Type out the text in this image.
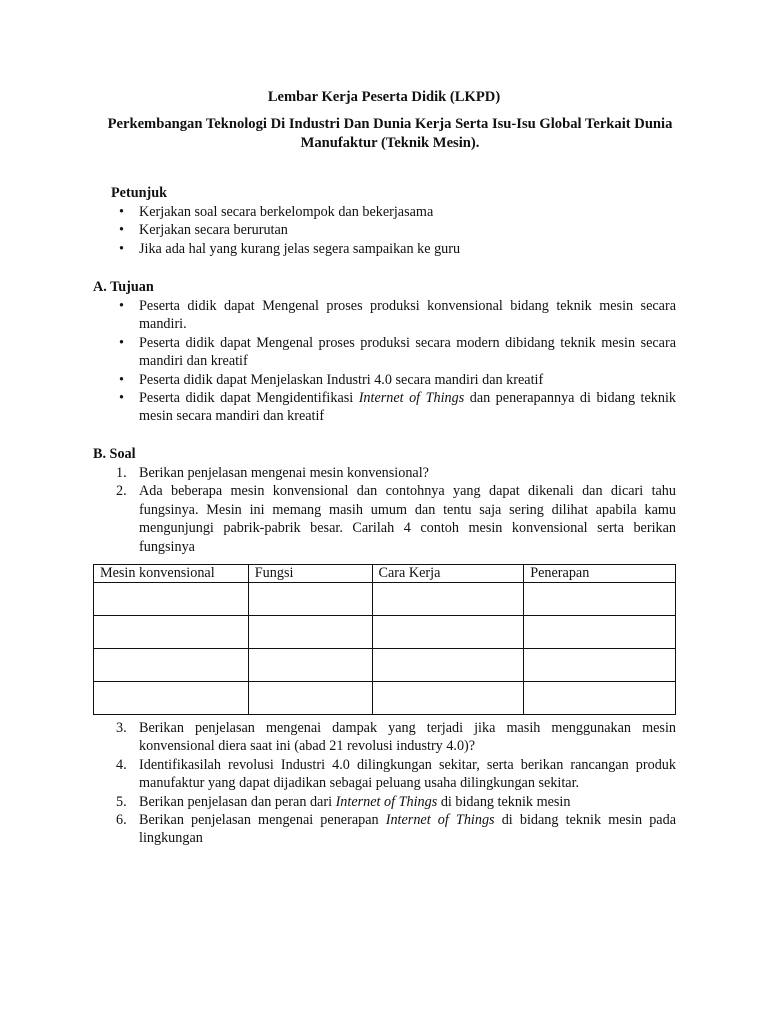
Lembar Kerja Peserta Didik (LKPD)
Perkembangan Teknologi Di Industri Dan Dunia Kerja Serta Isu-Isu Global Terkait Dunia Manufaktur (Teknik Mesin).
Petunjuk
• Kerjakan soal secara berkelompok dan bekerjasama
• Kerjakan secara berurutan
• Jika ada hal yang kurang jelas segera sampaikan ke guru
A. Tujuan
• Peserta didik dapat Mengenal proses produksi konvensional bidang teknik mesin secara mandiri.
• Peserta didik dapat Mengenal proses produksi secara modern dibidang teknik mesin secara mandiri dan kreatif
• Peserta didik dapat Menjelaskan Industri 4.0 secara mandiri dan kreatif
• Peserta didik dapat Mengidentifikasi Internet of Things dan penerapannya di bidang teknik mesin secara mandiri dan kreatif
B. Soal
1. Berikan penjelasan mengenai mesin konvensional?
2. Ada beberapa mesin konvensional dan contohnya yang dapat dikenali dan dicari tahu fungsinya. Mesin ini memang masih umum dan tentu saja sering dilihat apabila kamu mengunjungi pabrik-pabrik besar. Carilah 4 contoh mesin konvensional serta berikan fungsinya
Mesin konvensional	Fungsi	Cara Kerja	Penerapan

3. Berikan penjelasan mengenai dampak yang terjadi jika masih menggunakan mesin konvensional diera saat ini (abad 21 revolusi industry 4.0)?
4. Identifikasilah revolusi Industri 4.0 dilingkungan sekitar, serta berikan rancangan produk manufaktur yang dapat dijadikan sebagai peluang usaha dilingkungan sekitar.
5. Berikan penjelasan dan peran dari Internet of Things di bidang teknik mesin
6. Berikan penjelasan mengenai penerapan Internet of Things di bidang teknik mesin pada lingkungan
